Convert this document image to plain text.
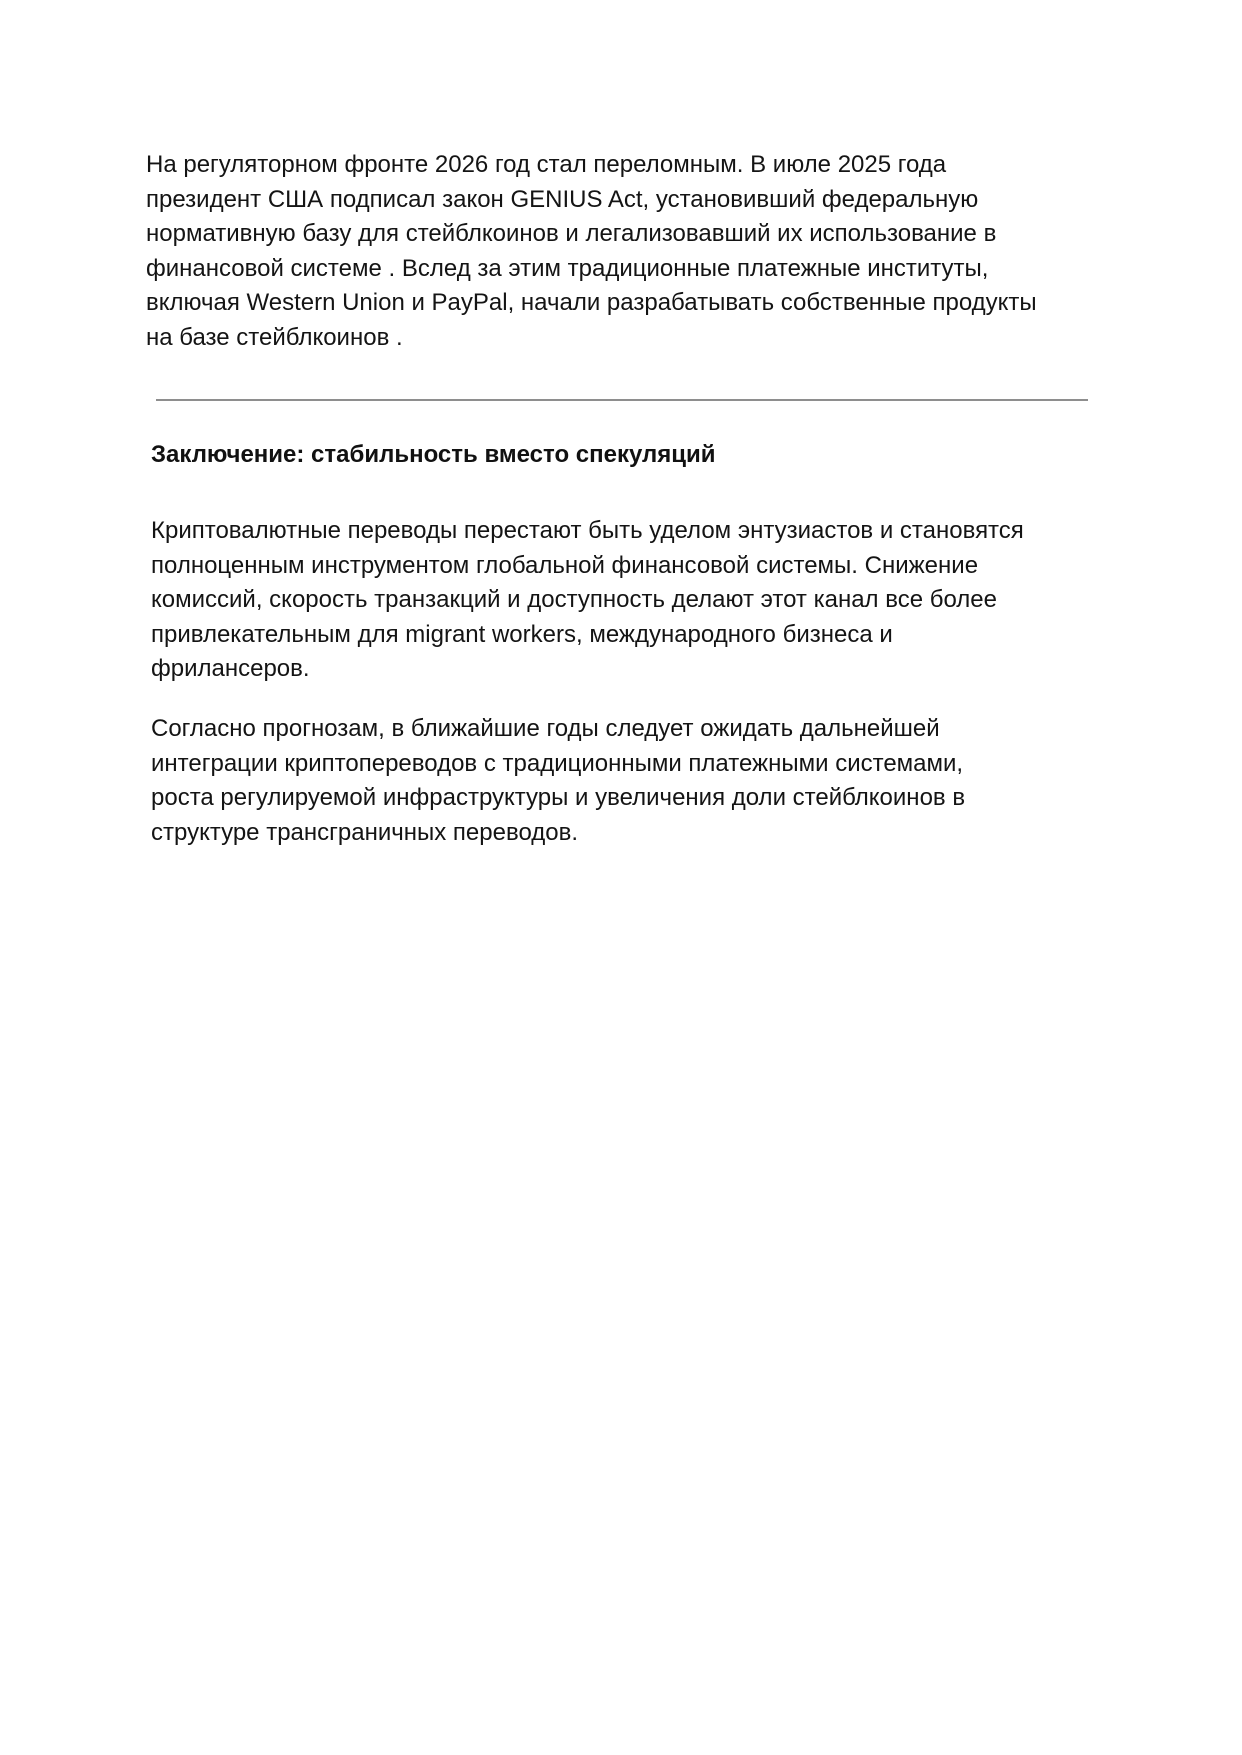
На регуляторном фронте 2026 год стал переломным. В июле 2025 года
президент США подписал закон GENIUS Act, установивший федеральную
нормативную базу для стейблкоинов и легализовавший их использование в
финансовой системе . Вслед за этим традиционные платежные институты,
включая Western Union и PayPal, начали разрабатывать собственные продукты
на базе стейблкоинов .

Заключение: стабильность вместо спекуляций

Криптовалютные переводы перестают быть уделом энтузиастов и становятся
полноценным инструментом глобальной финансовой системы. Снижение
комиссий, скорость транзакций и доступность делают этот канал все более
привлекательным для migrant workers, международного бизнеса и
фрилансеров.

Согласно прогнозам, в ближайшие годы следует ожидать дальнейшей
интеграции криптопереводов с традиционными платежными системами,
роста регулируемой инфраструктуры и увеличения доли стейблкоинов в
структуре трансграничных переводов.
